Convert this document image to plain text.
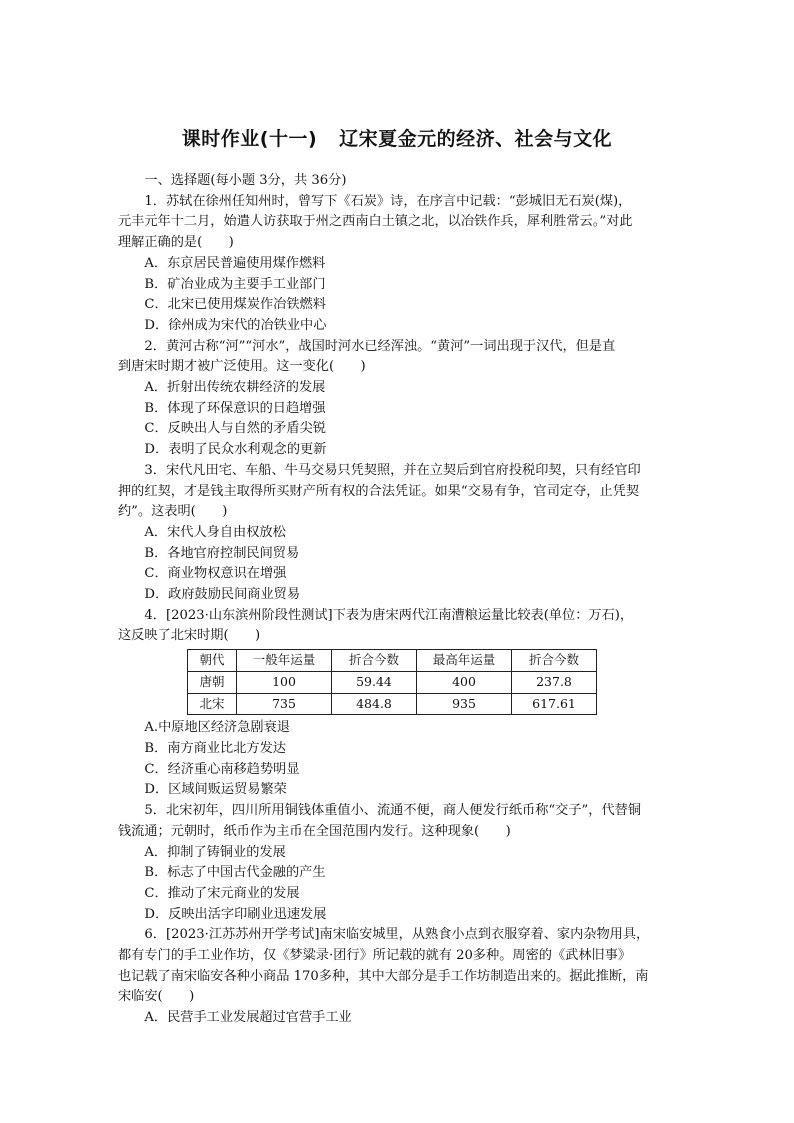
课时作业(十一) 辽宋夏金元的经济、社会与文化

一、选择题(每小题 3分，共 36分)

1．苏轼在徐州任知州时，曾写下《石炭》诗，在序言中记载：“彭城旧无石炭(煤)，

元丰元年十二月，始遣人访获取于州之西南白土镇之北，以冶铁作兵，犀利胜常云。”对此

理解正确的是(　　)

A．东京居民普遍使用煤作燃料

B．矿冶业成为主要手工业部门

C．北宋已使用煤炭作冶铁燃料

D．徐州成为宋代的冶铁业中心

2．黄河古称“河”“河水”，战国时河水已经浑浊。“黄河”一词出现于汉代，但是直

到唐宋时期才被广泛使用。这一变化(　　)

A．折射出传统农耕经济的发展

B．体现了环保意识的日趋增强

C．反映出人与自然的矛盾尖锐

D．表明了民众水利观念的更新

3．宋代凡田宅、车船、牛马交易只凭契照，并在立契后到官府投税印契，只有经官印

押的红契，才是钱主取得所买财产所有权的合法凭证。如果“交易有争，官司定夺，止凭契

约”。这表明(　　)

A．宋代人身自由权放松

B．各地官府控制民间贸易

C．商业物权意识在增强

D．政府鼓励民间商业贸易

4．[2023·山东滨州阶段性测试]下表为唐宋两代江南漕粮运量比较表(单位：万石)，

这反映了北宋时期(　　)

朝代	一般年运量	折合今数	最高年运量	折合今数
唐朝	100	59.44	400	237.8
北宋	735	484.8	935	617.61

A.中原地区经济急剧衰退

B．南方商业比北方发达

C．经济重心南移趋势明显

D．区域间贩运贸易繁荣

5．北宋初年，四川所用铜钱体重值小、流通不便，商人便发行纸币称“交子”，代替铜

钱流通；元朝时，纸币作为主币在全国范围内发行。这种现象(　　)

A．抑制了铸铜业的发展

B．标志了中国古代金融的产生

C．推动了宋元商业的发展

D．反映出活字印刷业迅速发展

6．[2023·江苏苏州开学考试]南宋临安城里，从熟食小点到衣服穿着、家内杂物用具，

都有专门的手工业作坊，仅《梦粱录·团行》所记载的就有 20多种。周密的《武林旧事》

也记载了南宋临安各种小商品 170多种，其中大部分是手工作坊制造出来的。据此推断，南

宋临安(　　)

A．民营手工业发展超过官营手工业
